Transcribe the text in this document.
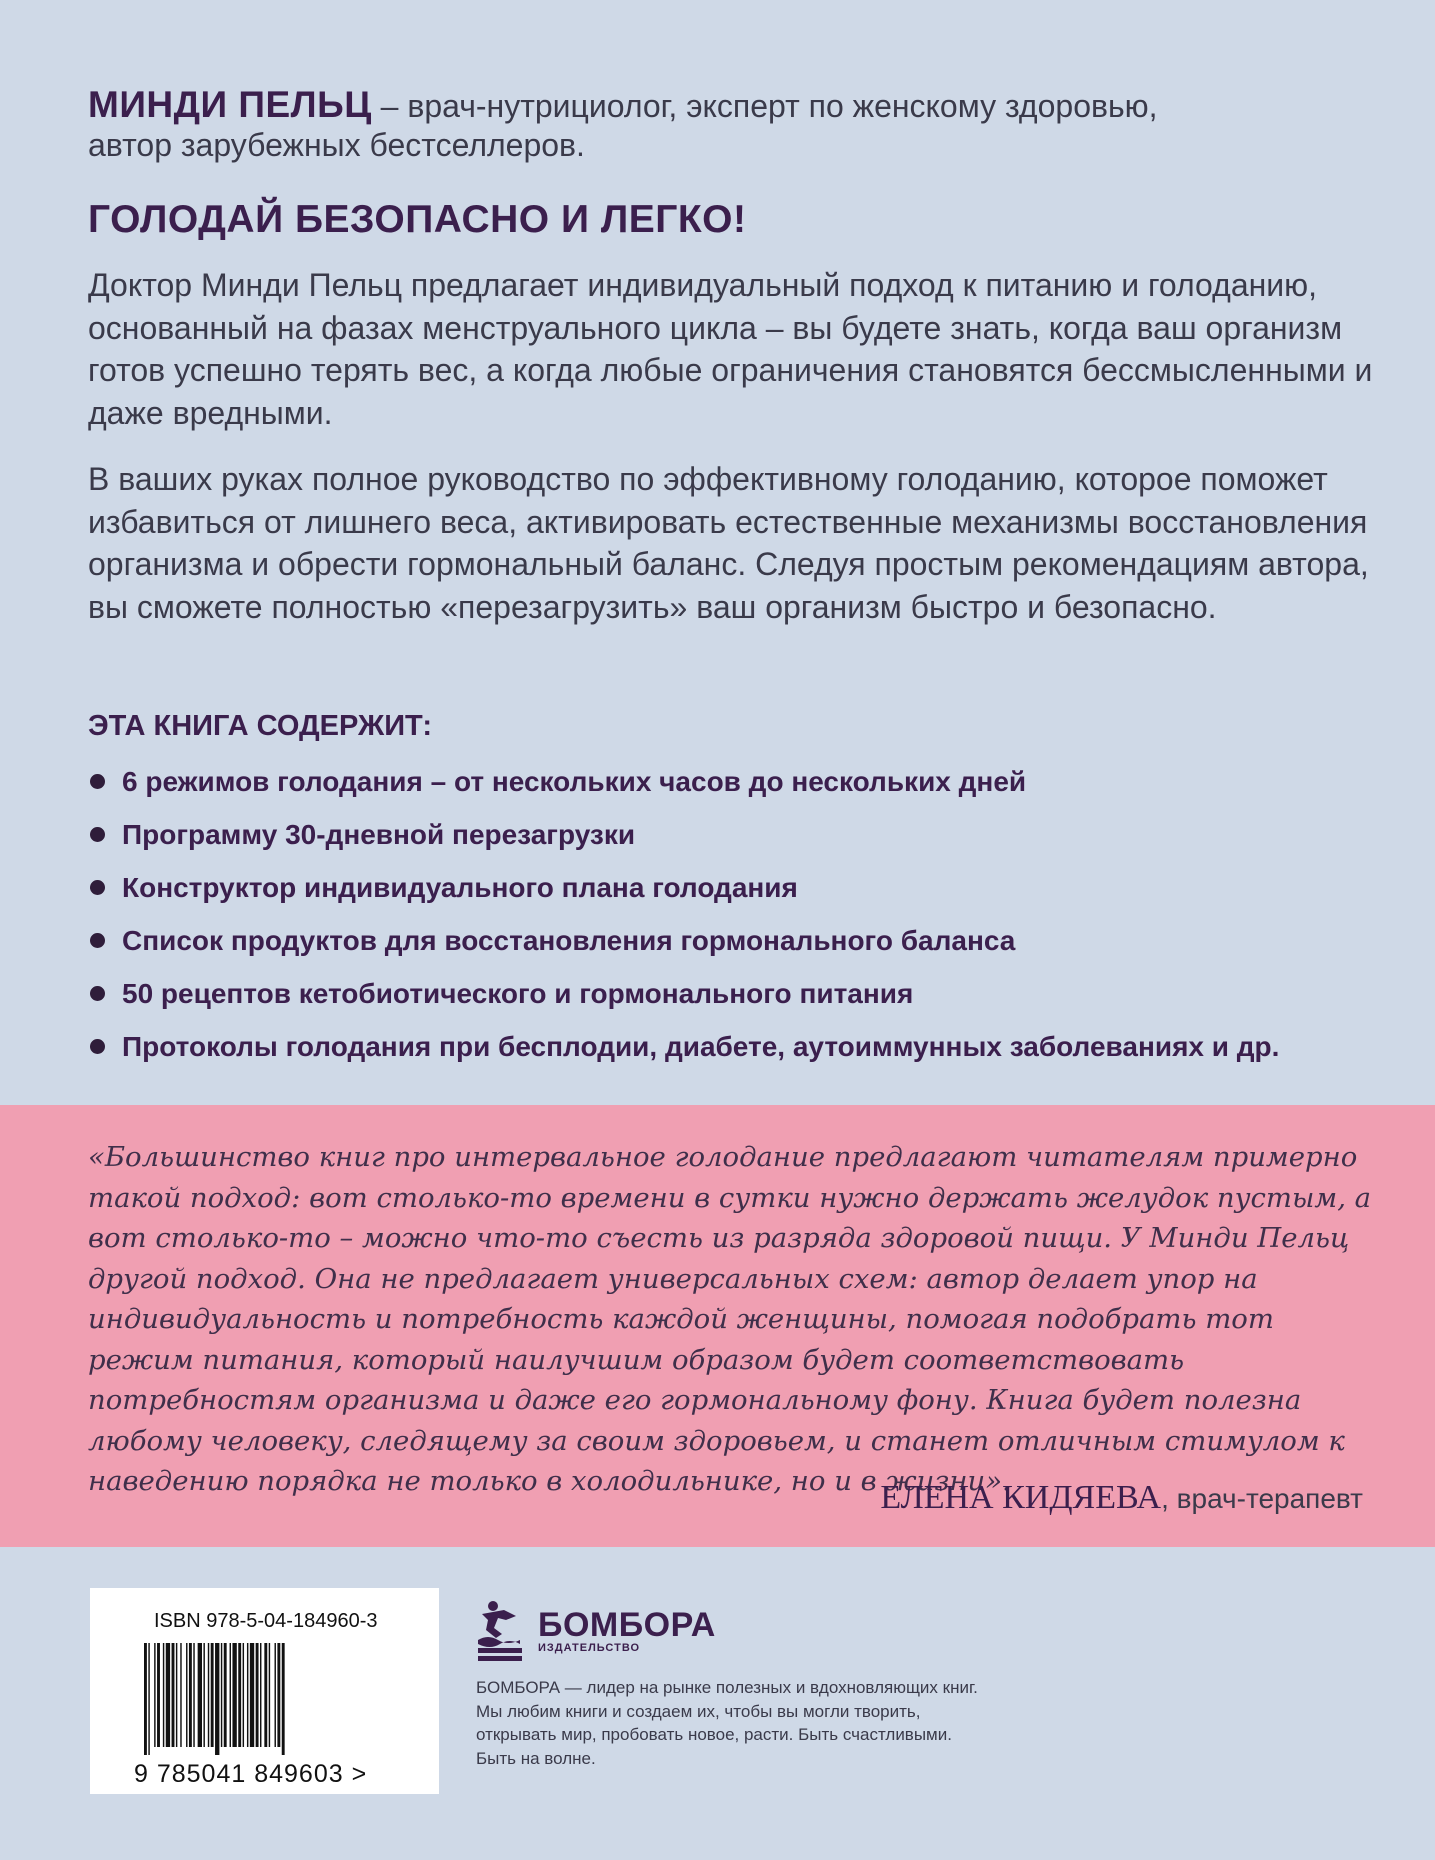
МИНДИ ПЕЛЬЦ – врач-нутрициолог, эксперт по женскому здоровью,
автор зарубежных бестселлеров.
ГОЛОДАЙ БЕЗОПАСНО И ЛЕГКО!

Доктор Минди Пельц предлагает индивидуальный подход к питанию и голоданию, основанный на фазах менструального цикла – вы будете знать, когда ваш организм готов успешно терять вес, а когда любые ограничения становятся бессмысленными и даже вредными.

В ваших руках полное руководство по эффективному голоданию, которое поможет избавиться от лишнего веса, активировать естественные механизмы восстановления организма и обрести гормональный баланс. Следуя простым рекомендациям автора, вы сможете полностью «перезагрузить» ваш организм быстро и безопасно.

ЭТА КНИГА СОДЕРЖИТ:
6 режимов голодания – от нескольких часов до нескольких дней
Программу 30-дневной перезагрузки
Конструктор индивидуального плана голодания
Список продуктов для восстановления гормонального баланса
50 рецептов кетобиотического и гормонального питания
Протоколы голодания при бесплодии, диабете, аутоиммунных заболеваниях и др.

«Большинство книг про интервальное голодание предлагают читателям примерно такой подход: вот столько-то времени в сутки нужно держать желудок пустым, а вот столько-то – можно что-то съесть из разряда здоровой пищи. У Минди Пельц другой подход. Она не предлагает универсальных схем: автор делает упор на индивидуальность и потребность каждой женщины, помогая подобрать тот режим питания, который наилучшим образом будет соответствовать потребностям организма и даже его гормональному фону. Книга будет полезна любому человеку, следящему за своим здоровьем, и станет отличным стимулом к наведению порядка не только в холодильнике, но и в жизни».

ЕЛЕНА КИДЯЕВА, врач-терапевт
ISBN 978-5-04-184960-3
9 785041 849603 >
БОМБОРА
ИЗДАТЕЛЬСТВО

БОМБОРА — лидер на рынке полезных и вдохновляющих книг. Мы любим книги и создаем их, чтобы вы могли творить, открывать мир, пробовать новое, расти. Быть счастливыми. Быть на волне.
